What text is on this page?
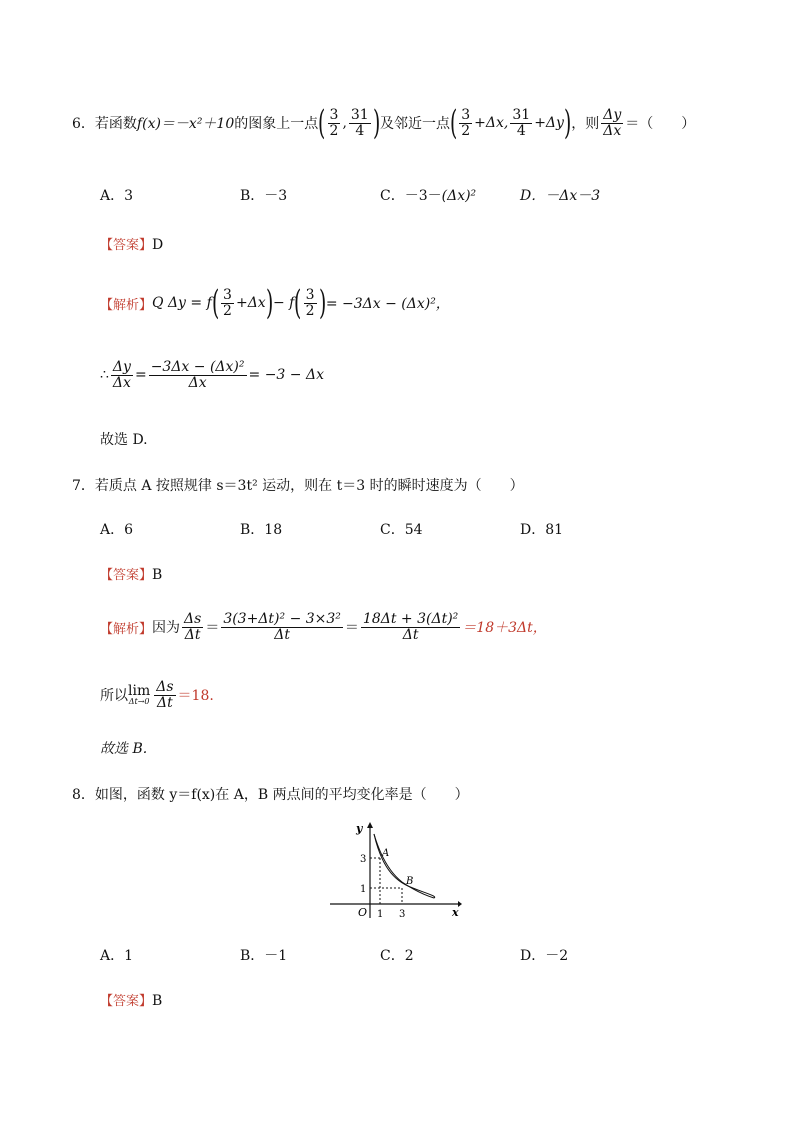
6．若函数 f(x)＝－x²＋10 的图象上一点 ( $\frac{3}{2}$ , $\frac{31}{4}$ ) 及邻近一点 ( $\frac{3}{2} +\Delta x$, $\frac{31}{4} +\Delta y$ ) ，则 $\frac{\Delta y}{\Delta x}$ ＝（　　）
A．3	B．－3	C．－3－(Δx)²	D．－Δx－3
【答案】D
【解析】 Q Δy = f ( $\frac{3}{2} +\Delta x$ ) − f ( $\frac{3}{2}$ ) = −3Δx − (Δx)²，
∴ $\frac{\Delta y}{\Delta x} = \frac{\text{−3Δx − (Δx)²}}{\Delta x} = -3 - \Delta x$
故选 D.
7．若质点 A 按照规律 s＝3t² 运动，则在 t＝3 时的瞬时速度为（　　）
A．6	B．18	C．54	D．81
【答案】B
【解析】 因为 $\frac{\Delta s}{\Delta t} = \frac{\text{3(3+Δt)² − 3×3²}}{\Delta t} = \frac{\text{18Δt + 3(Δt)²}}{\Delta t} =18+3\Delta t$，
所以 lim
$\Delta t\to 0 \frac{\Delta s}{\Delta t} =18$.
故选 B.
8．如图，函数 y＝f(x)在 A，B 两点间的平均变化率是（　　）
y
x
O 1 3
3
1
A
B
A．1	B．－1	C．2	D．－2
【答案】B
